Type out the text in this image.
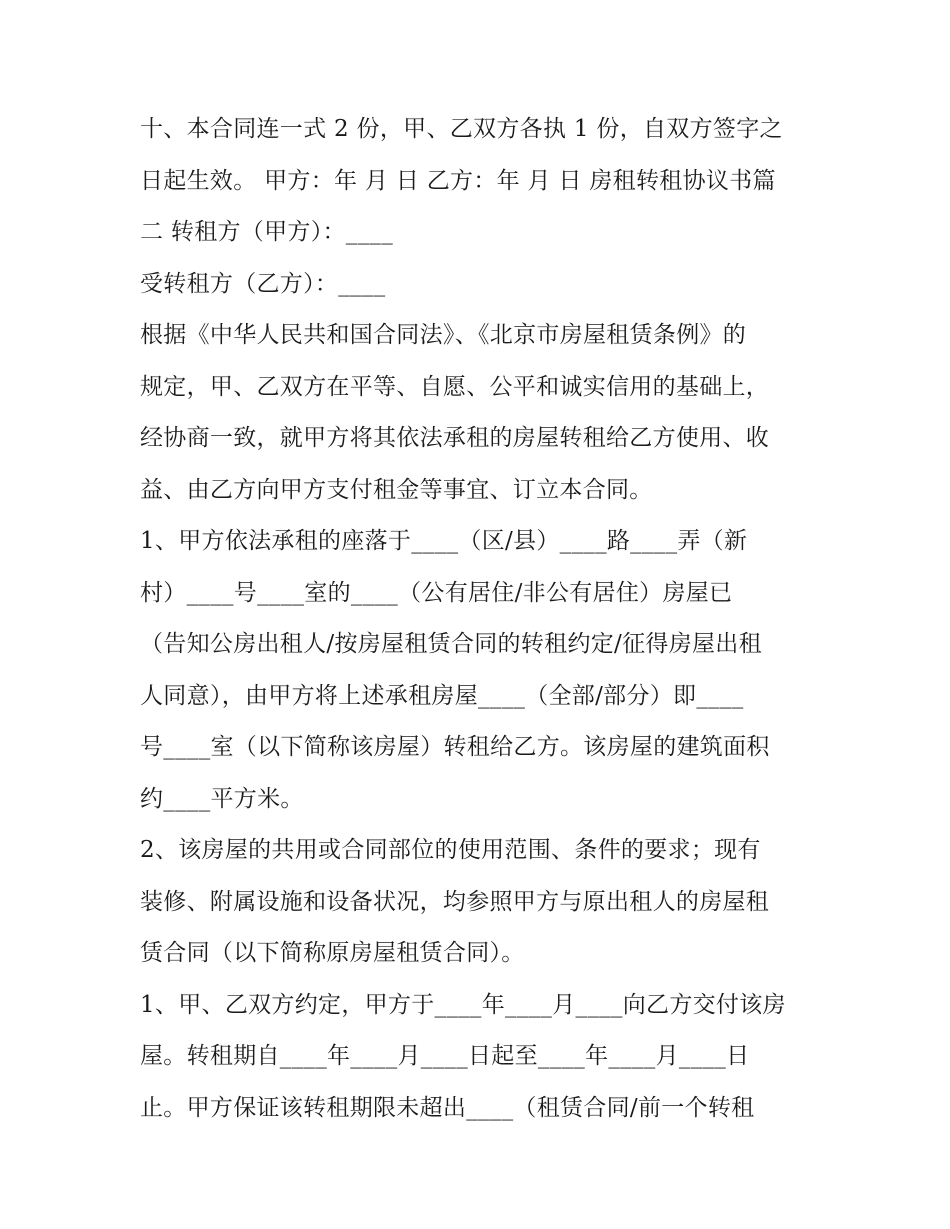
十、本合同连一式 2 份，甲、乙双方各执 1 份，自双方签字之
日起生效。 甲方：年 月 日 乙方：年 月 日 房租转租协议书篇
二 转租方（甲方）：____
受转租方（乙方）：____
根据《中华人民共和国合同法》、《北京市房屋租赁条例》的
规定，甲、乙双方在平等、自愿、公平和诚实信用的基础上，
经协商一致，就甲方将其依法承租的房屋转租给乙方使用、收
益、由乙方向甲方支付租金等事宜、订立本合同。
1、甲方依法承租的座落于____（区/县）____路____弄（新
村）____号____室的____（公有居住/非公有居住）房屋已
（告知公房出租人/按房屋租赁合同的转租约定/征得房屋出租
人同意），由甲方将上述承租房屋____（全部/部分）即____
号____室（以下简称该房屋）转租给乙方。该房屋的建筑面积
约____平方米。
2、该房屋的共用或合同部位的使用范围、条件的要求；现有
装修、附属设施和设备状况，均参照甲方与原出租人的房屋租
赁合同（以下简称原房屋租赁合同）。
1、甲、乙双方约定，甲方于____年____月____向乙方交付该房
屋。转租期自____年____月____日起至____年____月____日
止。甲方保证该转租期限未超出____（租赁合同/前一个转租
